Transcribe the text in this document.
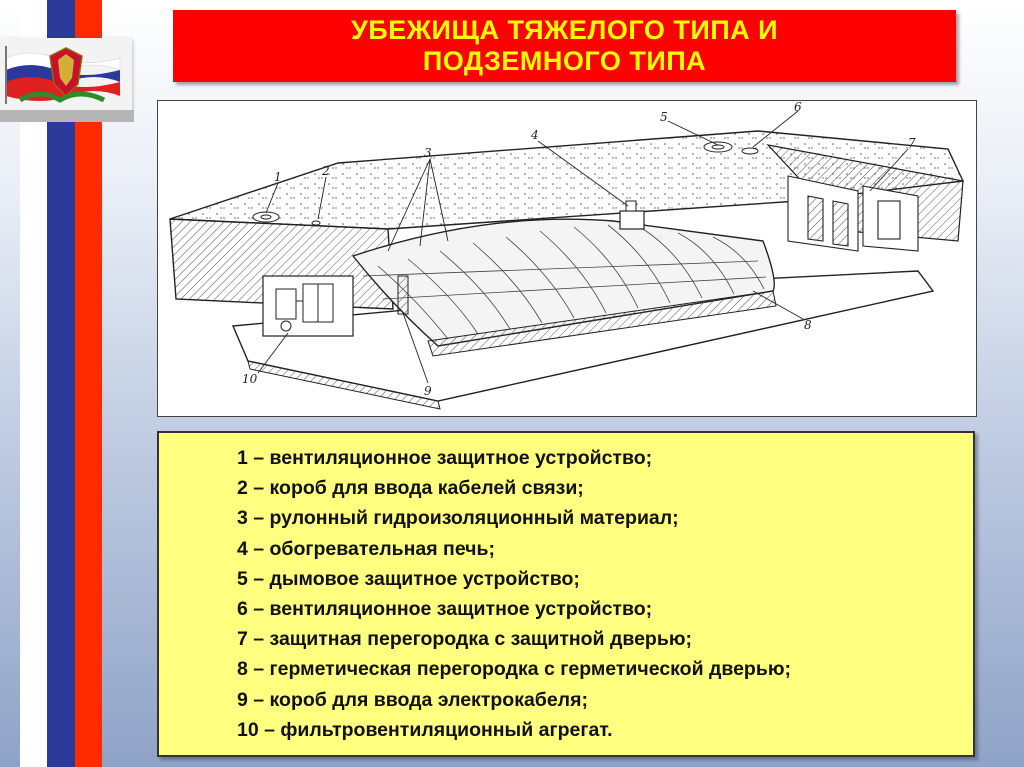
УБЕЖИЩА ТЯЖЕЛОГО ТИПА И
ПОДЗЕМНОГО ТИПА
1	2
3
4
5
6
7
8
9
10
1 – вентиляционное защитное устройство;
2 – короб для ввода кабелей связи;
3 – рулонный гидроизоляционный материал;
4 – обогревательная печь;
5 – дымовое защитное устройство;
6 – вентиляционное защитное устройство;
7 – защитная перегородка с защитной дверью;
8 – герметическая перегородка с герметической дверью;
9 – короб для ввода электрокабеля;
10 – фильтровентиляционный агрегат.
